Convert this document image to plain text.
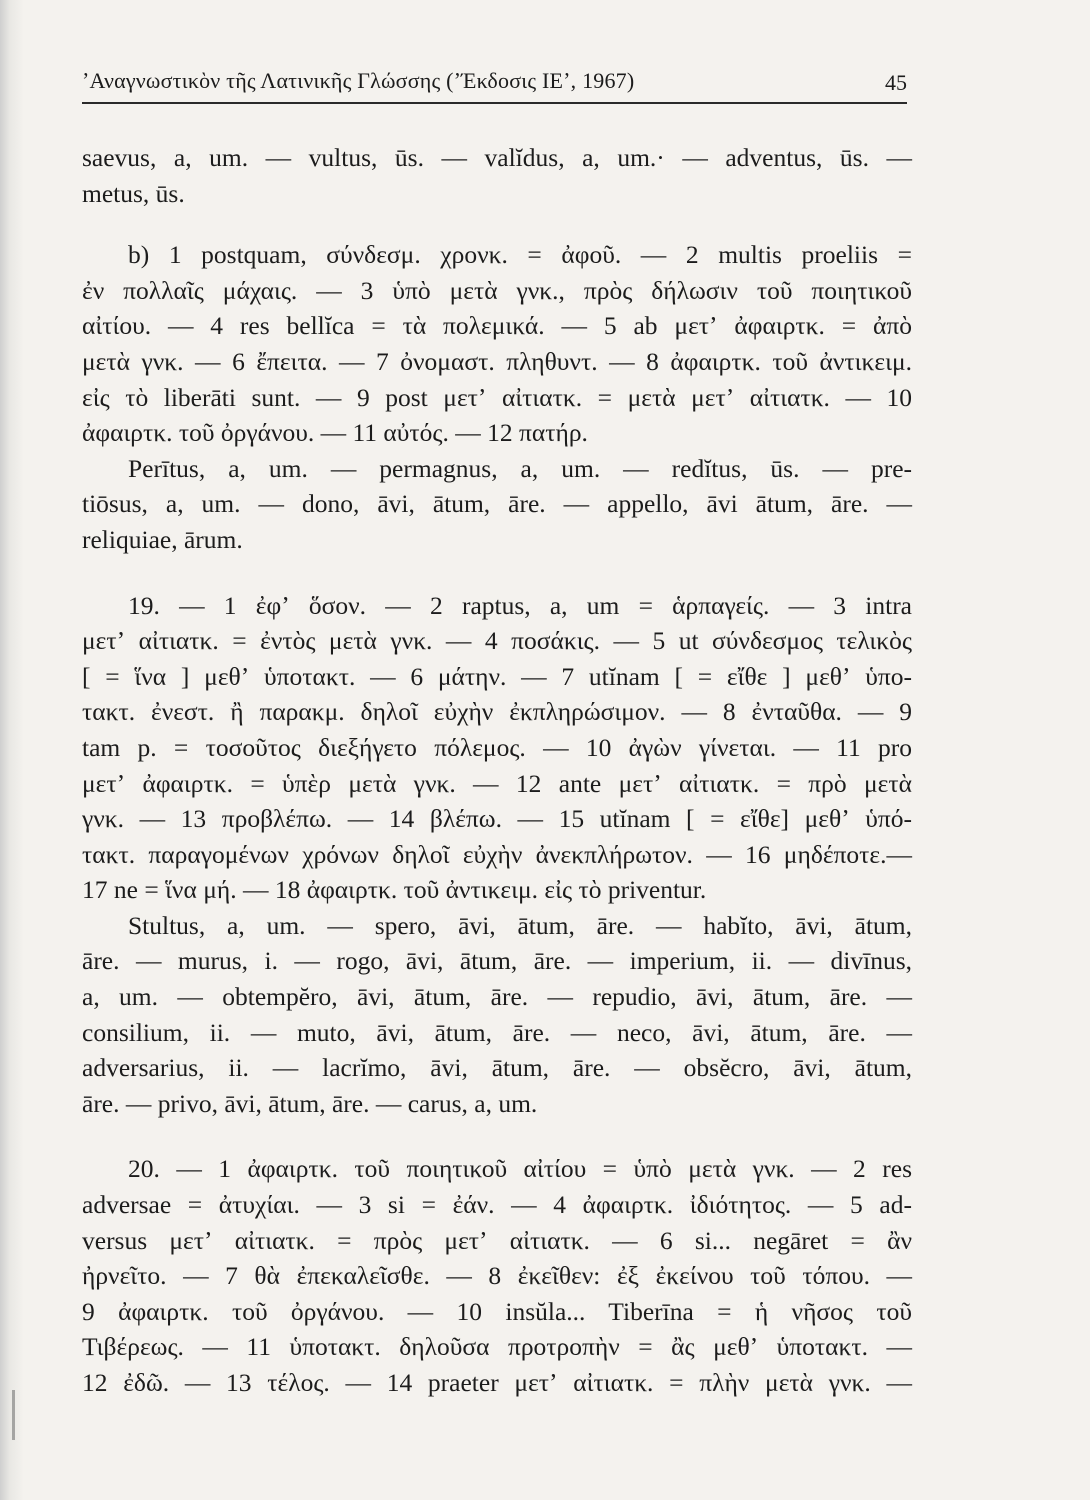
ʼΑναγνωστικὸν τῆς Λατινικῆς Γλώσσης (ʼΈκδοσις ΙΕʼ, 1967)	45
saevus, a, um. — vultus, ūs. — valĭdus, a, um.· — adventus, ūs. —
metus, ūs.
b) 1 postquam, σύνδεσμ. χρονκ. = ἀφοῦ. — 2 multis proeliis =
ἐν πολλαῖς μάχαις. — 3 ὑπὸ μετὰ γνκ., πρὸς δήλωσιν τοῦ ποιητικοῦ
αἰτίου. — 4 res bellĭca = τὰ πολεμικά. — 5 ab μετʼ ἀφαιρτκ. = ἀπὸ
μετὰ γνκ. — 6 ἔπειτα. — 7 ὀνομαστ. πληθυντ. — 8 ἀφαιρτκ. τοῦ ἀντικειμ.
εἰς τὸ liberāti sunt. — 9 post μετʼ αἰτιατκ. = μετὰ μετʼ αἰτιατκ. — 10
ἀφαιρτκ. τοῦ ὀργάνου. — 11 αὐτός. — 12 πατήρ.
Perītus, a, um. — permagnus, a, um. — redĭtus, ūs. — pre-
tiōsus, a, um. — dono, āvi, ātum, āre. — appello, āvi ātum, āre. —
reliquiae, ārum.
19. — 1 ἐφʼ ὅσον. — 2 raptus, a, um = ἁρπαγείς. — 3 intra
μετʼ αἰτιατκ. = ἐντὸς μετὰ γνκ. — 4 ποσάκις. — 5 ut σύνδεσμος τελικὸς
[ = ἵνα ] μεθʼ ὑποτακτ. — 6 μάτην. — 7 utĭnam [ = εἴθε ] μεθʼ ὑπο-
τακτ. ἐνεστ. ἢ παρακμ. δηλοῖ εὐχὴν ἐκπληρώσιμον. — 8 ἐνταῦθα. — 9
tam p. = τοσοῦτος διεξήγετο πόλεμος. — 10 ἀγὼν γίνεται. — 11 pro
μετʼ ἀφαιρτκ. = ὑπὲρ μετὰ γνκ. — 12 ante μετʼ αἰτιατκ. = πρὸ μετὰ
γνκ. — 13 προβλέπω. — 14 βλέπω. — 15 utĭnam [ = εἴθε] μεθʼ ὑπό-
τακτ. παραγομένων χρόνων δηλοῖ εὐχὴν ἀνεκπλήρωτον. — 16 μηδέποτε.—
17 ne = ἵνα μή. — 18 ἀφαιρτκ. τοῦ ἀντικειμ. εἰς τὸ priventur.
Stultus, a, um. — spero, āvi, ātum, āre. — habĭto, āvi, ātum,
āre. — murus, i. — rogo, āvi, ātum, āre. — imperium, ii. — divīnus,
a, um. — obtempĕro, āvi, ātum, āre. — repudio, āvi, ātum, āre. —
consilium, ii. — muto, āvi, ātum, āre. — neco, āvi, ātum, āre. —
adversarius, ii. — lacrĭmo, āvi, ātum, āre. — obsĕcro, āvi, ātum,
āre. — privo, āvi, ātum, āre. — carus, a, um.
20. — 1 ἀφαιρτκ. τοῦ ποιητικοῦ αἰτίου = ὑπὸ μετὰ γνκ. — 2 res
adversae = ἀτυχίαι. — 3 si = ἐάν. — 4 ἀφαιρτκ. ἰδιότητος. — 5 ad-
versus μετʼ αἰτιατκ. = πρὸς μετʼ αἰτιατκ. — 6 si... negāret = ἂν
ἠρνεῖτο. — 7 θὰ ἐπεκαλεῖσθε. — 8 ἐκεῖθεν: ἐξ ἐκείνου τοῦ τόπου. —
9 ἀφαιρτκ. τοῦ ὀργάνου. — 10 insŭla... Tiberīna = ἡ νῆσος τοῦ
Τιβέρεως. — 11 ὑποτακτ. δηλοῦσα προτροπὴν = ἂς μεθʼ ὑποτακτ. —
12 ἐδῶ. — 13 τέλος. — 14 praeter μετʼ αἰτιατκ. = πλὴν μετὰ γνκ. —
